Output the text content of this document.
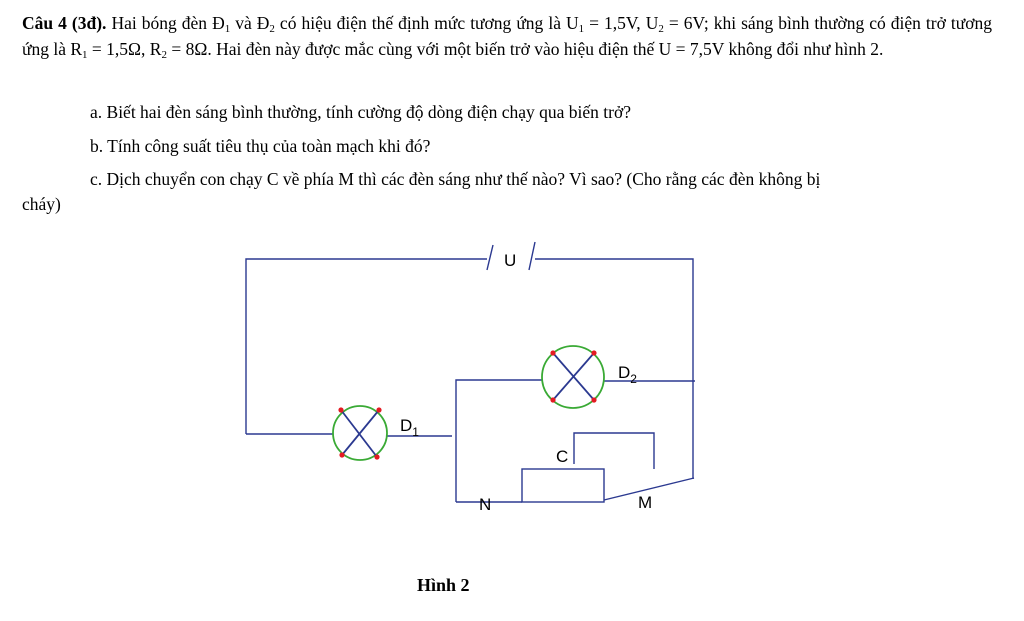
Câu 4 (3đ). Hai bóng đèn $Đ_1$ và $Đ_2$ có hiệu điện thế định mức tương ứng là $U_1 = 1,5V$, $U_2 = 6V$; khi sáng bình thường có điện trở tương ứng là $R_1 = 1,5\Omega$, $R_2 = 8\Omega$. Hai đèn này được mắc cùng với một biến trở vào hiệu điện thế U = 7,5V không đổi như hình 2.
a. Biết hai đèn sáng bình thường, tính cường độ dòng điện chạy qua biến trở?
b. Tính công suất tiêu thụ của toàn mạch khi đó?
c. Dịch chuyển con chạy C về phía M thì các đèn sáng như thế nào? Vì sao? (Cho rằng các đèn không bị
cháy)
U
$D_1$
$D_2$
C
N	M
Hình 2
